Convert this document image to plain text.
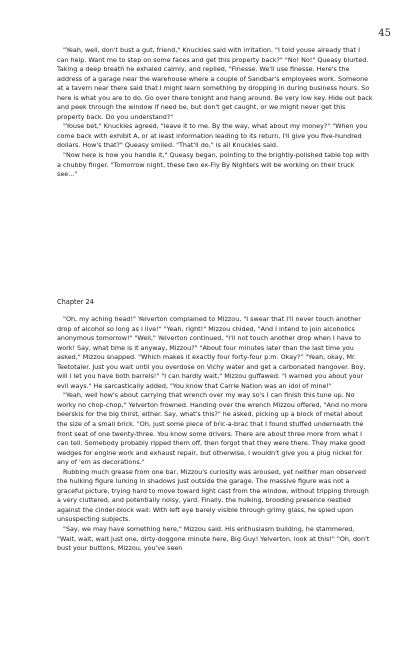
45

"Yeah, well, don't bust a gut, friend," Knuckles said with irritation. "I told youse already that I can help. Want me to step on some faces and get this property back?" "No! No!" Queasy blurted. Taking a deep breath he exhaled calmly, and replied, "Finesse. We'll use finesse. Here's the address of a garage near the warehouse where a couple of Sandbar's employees work. Someone at a tavern near there said that I might learn something by dropping in during business hours. So here is what you are to do. Go over there tonight and hang around. Be very low key. Hide out back and peek through the window if need be, but don't get caught, or we might never get this property back. Do you understand?"

"Youse bet," Knuckles agreed, "leave it to me. By the way, what about my money?" "When you come back with exhibit A, or at least information leading to its return, I'll give you five-hundred dollars. How's that?" Queasy smiled. "That'll do," is all Knuckles said.

"Now here is how you handle it," Queasy began, pointing to the brightly-polished table top with a chubby finger. "Tomorrow night, these two ex-Fly By Nighters will be working on their truck see..."

Chapter 24

"Oh, my aching head!" Yelverton complained to Mizzou, "I swear that I'll never touch another drop of alcohol so long as I live!" "Yeah, right!" Mizzou chided, "And I intend to join alcoholics anonymous tomorrow!" "Well," Yelverton continued, "I'll not touch another drop when I have to work! Say, what time is it anyway, Mizzou?" "About four minutes later than the last time you asked," Mizzou snapped. "Which makes it exactly four forty-four p.m. Okay?" "Yeah, okay, Mr. Teetotaler. Just you wait until you overdose on Vichy water and get a carbonated hangover. Boy, will I let you have both barrels!" "I can hardly wait," Mizzou guffawed. "I warned you about your evil ways." He sarcastically added, "You know that Carrie Nation was an idol of mine!"

"Yeah, well how's about carrying that wrench over my way so's I can finish this tune up. No worky no chop-chop," Yelverton frowned. Handing over the wrench Mizzou offered, "And no more beerskis for the big thirst, either. Say, what's this?" he asked, picking up a block of metal about the size of a small brick. "Oh, just some piece of bric-a-brac that I found stuffed underneath the front seat of one twenty-three. You know some drivers. There are about three more from what I can tell. Somebody probably ripped them off, then forgot that they were there. They make good wedges for engine work and exhaust repair, but otherwise, I wouldn't give you a plug nickel for any of 'em as decorations."

Rubbing much grease from one bar, Mizzou's curiosity was aroused, yet neither man observed the hulking figure lurking in shadows just outside the garage. The massive figure was not a graceful picture, trying hard to move toward light cast from the window, without tripping through a very cluttered, and potentially noisy, yard. Finally, the hulking, brooding presence nestled against the cinder-block wall: With left eye barely visible through grimy glass, he spied upon unsuspecting subjects.

"Say, we may have something here," Mizzou said. His enthusiasm building, he stammered, "Wait, wait, wait just one, dirty-doggone minute here, Big Guy! Yelverton, look at this!" "Oh, don't bust your buttons, Mizzou, you've seen
